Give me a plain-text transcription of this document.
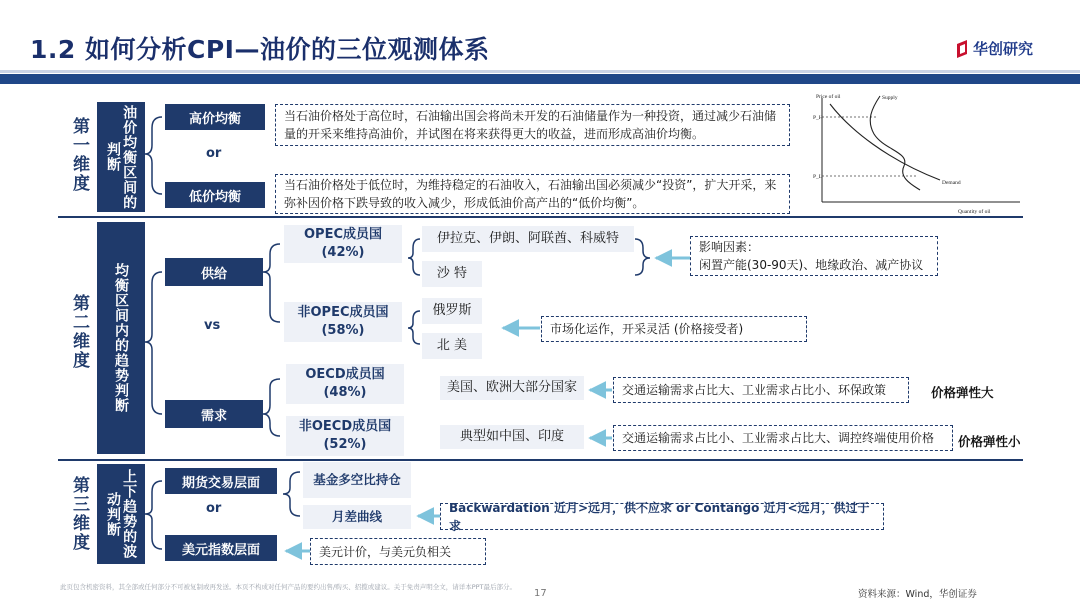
1.2 如何分析CPI—油价的三位观测体系	华创研究
第一维度	油价均衡区间的判断
高价均衡	当石油价格处于高位时，石油输出国会将尚未开发的石油储量作为一种投资，通过减少石油储量的开采来维持高油价，并试图在将来获得更大的收益，进而形成高油价均衡。
or
低价均衡
当石油价格处于低位时，为维持稳定的石油收入，石油输出国必须减少“投资”，扩大开采，来弥补因价格下跌导致的收入减少，形成低油价高产出的“低价均衡”。
Price of oil
Quantity of oil
Supply
Demand
P_H
P_L
第二维度	均衡区间内的趋势判断	供给
vs
需求
OPEC成员国
(42%)
伊拉克、伊朗、阿联酋、科威特
沙 特
影响因素：
闲置产能(30-90天)、地缘政治、减产协议
非OPEC成员国
(58%)
俄罗斯
北 美
市场化运作，开采灵活 (价格接受者)
OECD成员国
(48%)	美国、欧洲大部分国家	交通运输需求占比大、工业需求占比小、环保政策	价格弹性大
非OECD成员国
(52%)
典型如中国、印度	交通运输需求占比小、工业需求占比大、调控终端使用价格	价格弹性小
第三维度	上下趋势的波动判断
期货交易层面
or
美元指数层面
基金多空比持仓
月差曲线
Backwardation 近月>远月，供不应求 or Contango 近月<远月，供过于求
美元计价，与美元负相关
此页包含机密资料，其全部或任何部分不可被复制或再发送。本页不构成对任何产品的要约出售/购买、招揽或建议。关于免责声明全文，请详本PPT最后部分。
17	资料来源：Wind，华创证券
